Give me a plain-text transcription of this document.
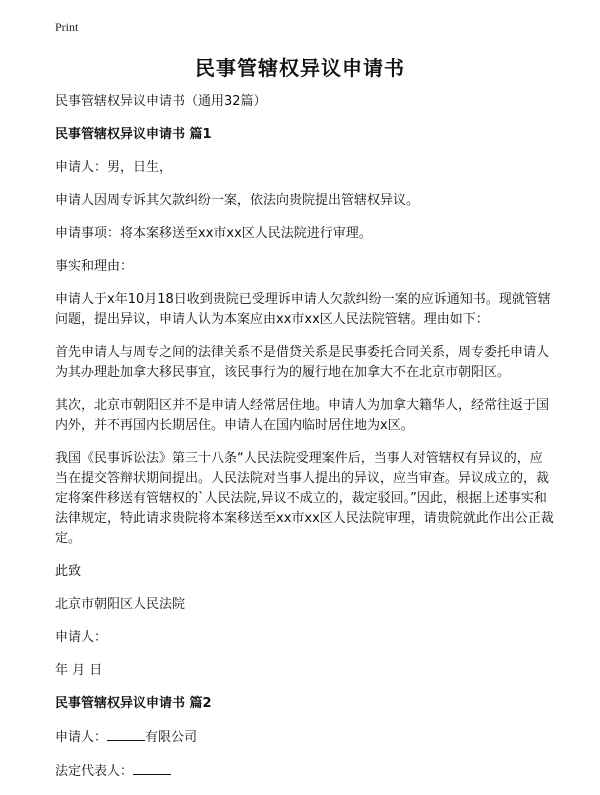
Print
民事管辖权异议申请书
民事管辖权异议申请书（通用32篇）
民事管辖权异议申请书 篇1
申请人：男，日生，
申请人因周专诉其欠款纠纷一案，依法向贵院提出管辖权异议。
申请事项：将本案移送至xx市xx区人民法院进行审理。
事实和理由：
申请人于x年10月18日收到贵院已受理诉申请人欠款纠纷一案的应诉通知书。现就管辖问题，提出异议，申请人认为本案应由xx市xx区人民法院管辖。理由如下：
首先申请人与周专之间的法律关系不是借贷关系是民事委托合同关系，周专委托申请人为其办理赴加拿大移民事宜，该民事行为的履行地在加拿大不在北京市朝阳区。
其次，北京市朝阳区并不是申请人经常居住地。申请人为加拿大籍华人，经常往返于国内外，并不再国内长期居住。申请人在国内临时居住地为x区。
我国《民事诉讼法》第三十八条“人民法院受理案件后，当事人对管辖权有异议的，应当在提交答辩状期间提出。人民法院对当事人提出的异议，应当审查。异议成立的，裁定将案件移送有管辖权的`人民法院,异议不成立的，裁定驳回。”因此，根据上述事实和法律规定，特此请求贵院将本案移送至xx市xx区人民法院审理，请贵院就此作出公正裁定。
此致
北京市朝阳区人民法院
申请人：
年 月 日
民事管辖权异议申请书 篇2
申请人：	有限公司
法定代表人：
